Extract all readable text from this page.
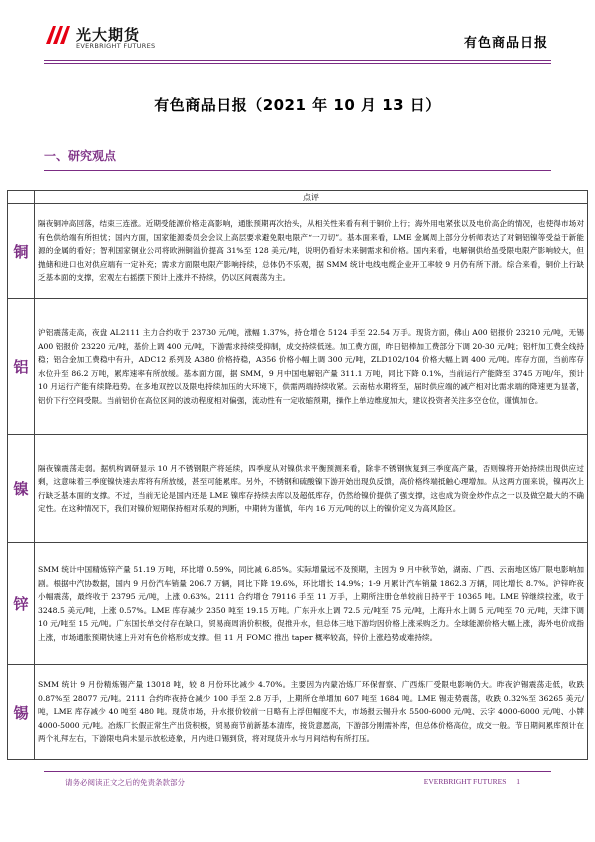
光大期货
EVERBRIGHT FUTURES	有色商品日报
有色商品日报（2021 年 10 月 13 日）
一、研究观点
	点评
铜	隔夜铜冲高回落，结束三连涨。近期受能源价格走高影响，通胀预期再次抬头，从相关性来看有利于铜价上行；海外用电紧张以及电价高企的情况，也使得市场对有色供给端有所担忧；国内方面，国家能源委员会会议上高层要求避免限电限产“一刀切”。基本面来看，LME 金属周上部分分析师表达了对铜铝镍等受益于新能源的金属的看好；智利国家铜业公司将欧洲铜溢价提高 31%至 128 美元/吨，说明仍看好未来铜需求和价格。国内来看，电解铜供给虽受限电限产影响较大，但抛储和进口也对供应端有一定补充；需求方面限电限产影响持续，总体仍不乐观，据 SMM 统计电线电缆企业开工率较 9 月仍有所下滑。综合来看，铜价上行缺乏基本面的支撑，宏观左右摇摆下预计上涨并不持续，仍以区间震荡为主。
铝	沪铝震荡走高，夜盘 AL2111 主力合约收于 23730 元/吨，涨幅 1.37%，持仓增仓 5124 手至 22.54 万手。现货方面，佛山 A00 铝报价 23210 元/吨，无锡 A00 铝报价 23220 元/吨，基价上调 400 元/吨，下游需求持续受抑制，成交持续低迷。加工费方面，昨日铝棒加工费部分下调 20-30 元/吨；铝杆加工费全线持稳；铝合金加工费稳中有升，ADC12 系列及 A380 价格持稳，A356 价格小幅上调 300 元/吨，ZLD102/104 价格大幅上调 400 元/吨。库存方面，当前库存水位升至 86.2 万吨，累库速率有所放缓。基本面方面，据 SMM，9 月中国电解铝产量 311.1 万吨，同比下降 0.1%，当前运行产能降至 3745 万吨/年，预计 10 月运行产能有续降趋势。在多地双控以及限电持续加压的大环境下，供需两端持续收紧。云南枯水期将至，届时供应端的减产相对比需求端的降速更为显著，铝价下行空间受限。当前铝价在高位区间的波动程度相对偏强，流动性有一定收缩预期，操作上单边维度加大，建议投资者关注多空仓位，谨慎加仓。
镍	隔夜镍震荡走弱。据机构调研显示 10 月不锈钢限产将延续，四季度从对镍供求平衡预测来看，除非不锈钢恢复到三季度高产量，否则镍将开始持续出现供应过剩，这意味着三季度镍快速去库将有所放缓，甚至可能累库。另外，不锈钢和硫酸镍下游开始出现负反馈，高价格终端抵触心理增加。从这两方面来说，镍再次上行缺乏基本面的支撑。不过，当前无论是国内还是 LME 镍库存持续去库以及超低库存，仍然给镍价提供了强支撑，这也成为资金炒作点之一以及做空最大的不确定性。在这种情况下，我们对镍价短期保持相对乐观的判断，中期转为谨慎，年内 16 万元/吨的以上的镍价定义为高风险区。
锌	SMM 统计中国精炼锌产量 51.19 万吨，环比增 0.59%，同比减 6.85%。实际增量远不及预期，主因为 9 月中秋节始，湖南、广西、云南地区炼厂限电影响加剧。根据中汽协数据，国内 9 月份汽车销量 206.7 万辆，同比下降 19.6%，环比增长 14.9%；1-9 月累计汽车销量 1862.3 万辆，同比增长 8.7%。沪锌昨夜小幅震荡，最终收于 23795 元/吨，上涨 0.63%。2111 合约增仓 79116 手至 11 万手，上期所注册仓单较前日持平于 10365 吨。LME 锌继续拉涨，收于 3248.5 美元/吨，上涨 0.57%。LME 库存减少 2350 吨至 19.15 万吨。广东升水上调 72.5 元/吨至 75 元/吨，上海升水上调 5 元/吨至 70 元/吨，天津下调 10 元/吨至 15 元/吨。广东国长单交付存在缺口，贸易商周消价积极，促推升水，但总体三地下游均因价格上涨采购乏力。全球能源价格大幅上涨，海外电价成指上涨，市场通胀预期快速上升对有色价格形成支撑。但 11 月 FOMC 推出 taper 概率较高，锌价上涨趋势或难持续。
锡	SMM 统计 9 月份精炼锡产量 13018 吨，较 8 月份环比减少 4.70%。主要因为内蒙冶炼厂环保督察、广西炼厂受限电影响仍大。昨夜沪锡震荡走低，收跌 0.87%至 28077 元/吨。2111 合约昨夜持仓减少 100 手至 2.8 万手，上期所仓单增加 607 吨至 1684 吨。LME 锡走势震荡，收跌 0.32%至 36265 美元/吨，LME 库存减少 40 吨至 480 吨。现货市场，升水报价较前一日略有上浮但幅度不大，市场报云锡升水 5500-6000 元/吨、云字 4000-6000 元/吨、小牌 4000-5000 元/吨。冶炼厂长假正常生产出货积极，贸易商节前新基本清库，接货意愿高，下游部分刚需补库，但总体价格高位，成交一般。节日期间累库预计在两个礼拜左右，下游限电尚未显示放松迹象，月内进口锡到货，将对现货升水与月间结构有所打压。
请务必阅读正文之后的免责条款部分	EVERBRIGHT FUTURES 1
